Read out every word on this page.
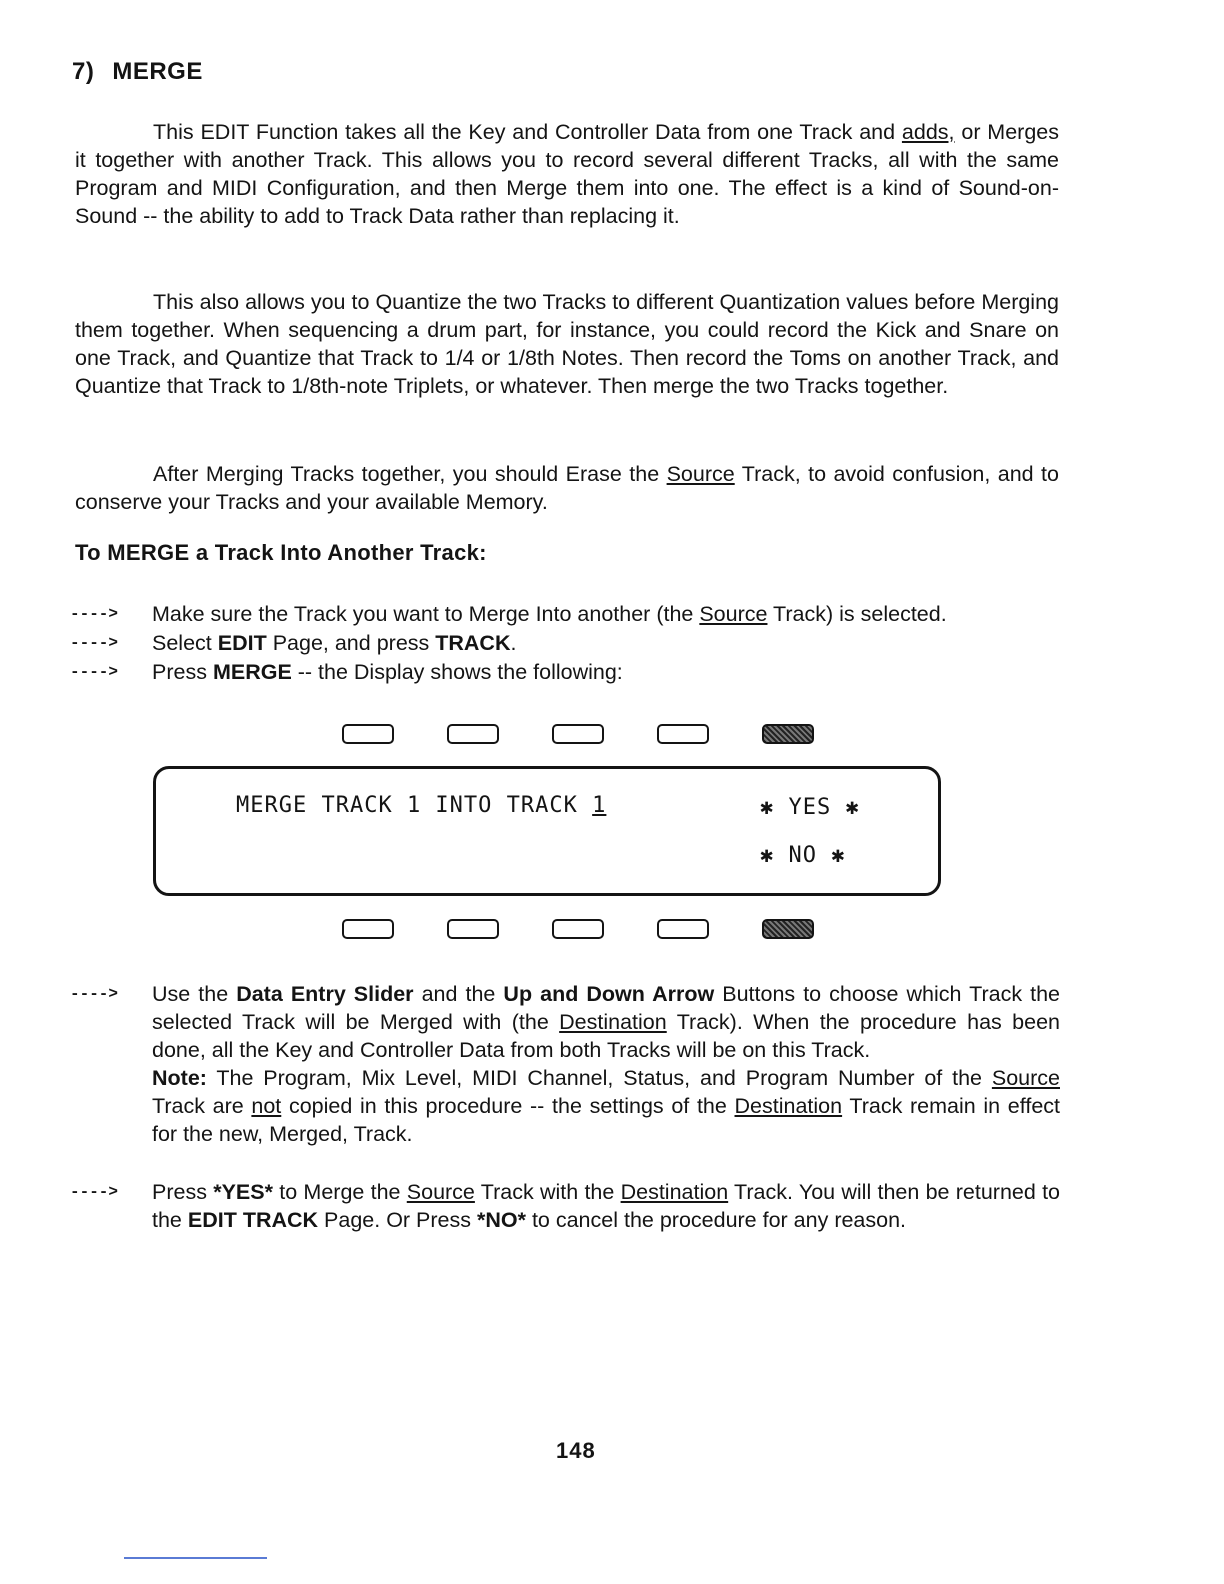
7) MERGE

This EDIT Function takes all the Key and Controller Data from one Track and adds, or Merges it together with another Track. This allows you to record several different Tracks, all with the same Program and MIDI Configuration, and then Merge them into one. The effect is a kind of Sound-on-Sound -- the ability to add to Track Data rather than replacing it.

This also allows you to Quantize the two Tracks to different Quantization values before Merging them together. When sequencing a drum part, for instance, you could record the Kick and Snare on one Track, and Quantize that Track to 1/4 or 1/8th Notes. Then record the Toms on another Track, and Quantize that Track to 1/8th-note Triplets, or whatever. Then merge the two Tracks together.

After Merging Tracks together, you should Erase the Source Track, to avoid confusion, and to conserve your Tracks and your available Memory.

To MERGE a Track Into Another Track:

----> Make sure the Track you want to Merge Into another (the Source Track) is selected.
----> Select EDIT Page, and press TRACK.
----> Press MERGE -- the Display shows the following:
MERGE TRACK 1 INTO TRACK 1	✱ YES ✱
✱ NO ✱
----> Use the Data Entry Slider and the Up and Down Arrow Buttons to choose which Track the selected Track will be Merged with (the Destination Track). When the procedure has been done, all the Key and Controller Data from both Tracks will be on this Track.
Note: The Program, Mix Level, MIDI Channel, Status, and Program Number of the Source Track are not copied in this procedure -- the settings of the Destination Track remain in effect for the new, Merged, Track.
----> Press *YES* to Merge the Source Track with the Destination Track. You will then be returned to the EDIT TRACK Page. Or Press *NO* to cancel the procedure for any reason.
148
